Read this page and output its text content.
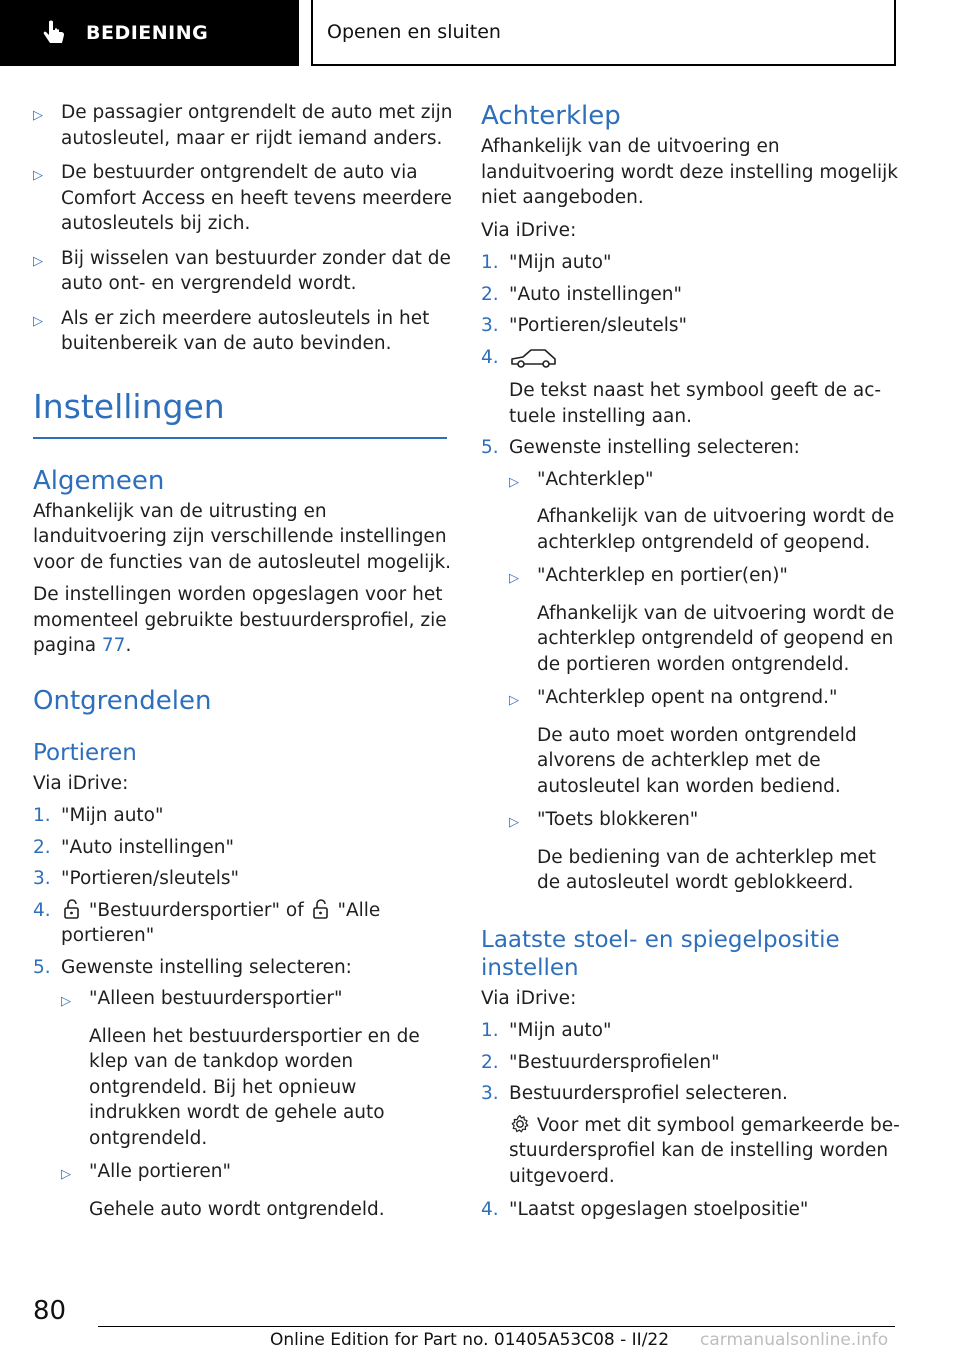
BEDIENING	Openen en sluiten
▷ De passagier ontgrendelt de auto met zijn autosleutel, maar er rijdt iemand anders.
▷ De bestuurder ontgrendelt de auto via Comfort Access en heeft tevens meerdere autosleutels bij zich.
▷ Bij wisselen van bestuurder zonder dat de auto ont- en vergrendeld wordt.
▷ Als er zich meerdere autosleutels in het buitenbereik van de auto bevinden.
Instellingen
Algemeen

Afhankelijk van de uitrusting en landuitvoering zijn verschillende instellingen voor de functies van de autosleutel mogelijk.

De instellingen worden opgeslagen voor het momenteel gebruikte bestuurdersprofiel, zie pagina 77.

Ontgrendelen
Portieren

Via iDrive:

1. "Mijn auto"
2. "Auto instellingen"
3. "Portieren/sleutels"
4.	"Bestuurdersportier" of  "Alle portieren"
5. Gewenste instelling selecteren:
▷ "Alleen bestuurdersportier"
Alleen het bestuurdersportier en de klep van de tankdop worden ontgrendeld. Bij het opnieuw indrukken wordt de gehele auto ontgrendeld.
▷ "Alle portieren"
Gehele auto wordt ontgrendeld.
Achterklep

Afhankelijk van de uitvoering en landuitvoering wordt deze instelling mogelijk niet aangeboden.

Via iDrive:

1. "Mijn auto"
2. "Auto instellingen"
3. "Portieren/sleutels"
4.
De tekst naast het symbool geeft de actuele instelling aan.
5. Gewenste instelling selecteren:
▷ "Achterklep"
Afhankelijk van de uitvoering wordt de achterklep ontgrendeld of geopend.
▷ "Achterklep en portier(en)"
Afhankelijk van de uitvoering wordt de achterklep ontgrendeld of geopend en de portieren worden ontgrendeld.
▷ "Achterklep opent na ontgrend."
De auto moet worden ontgrendeld alvorens de achterklep met de autosleutel kan worden bediend.
▷ "Toets blokkeren"
De bediening van de achterklep met de autosleutel wordt geblokkeerd.
Laatste stoel- en spiegelpositie instellen

Via iDrive:

1. "Mijn auto"
2. "Bestuurdersprofielen"
3. Bestuurdersprofiel selecteren.
Voor met dit symbool gemarkeerde bestuurdersprofiel kan de instelling worden uitgevoerd.
4. "Laatst opgeslagen stoelpositie"
80
Online Edition for Part no. 01405A53C08 - II/22 carmanualsonline.info
